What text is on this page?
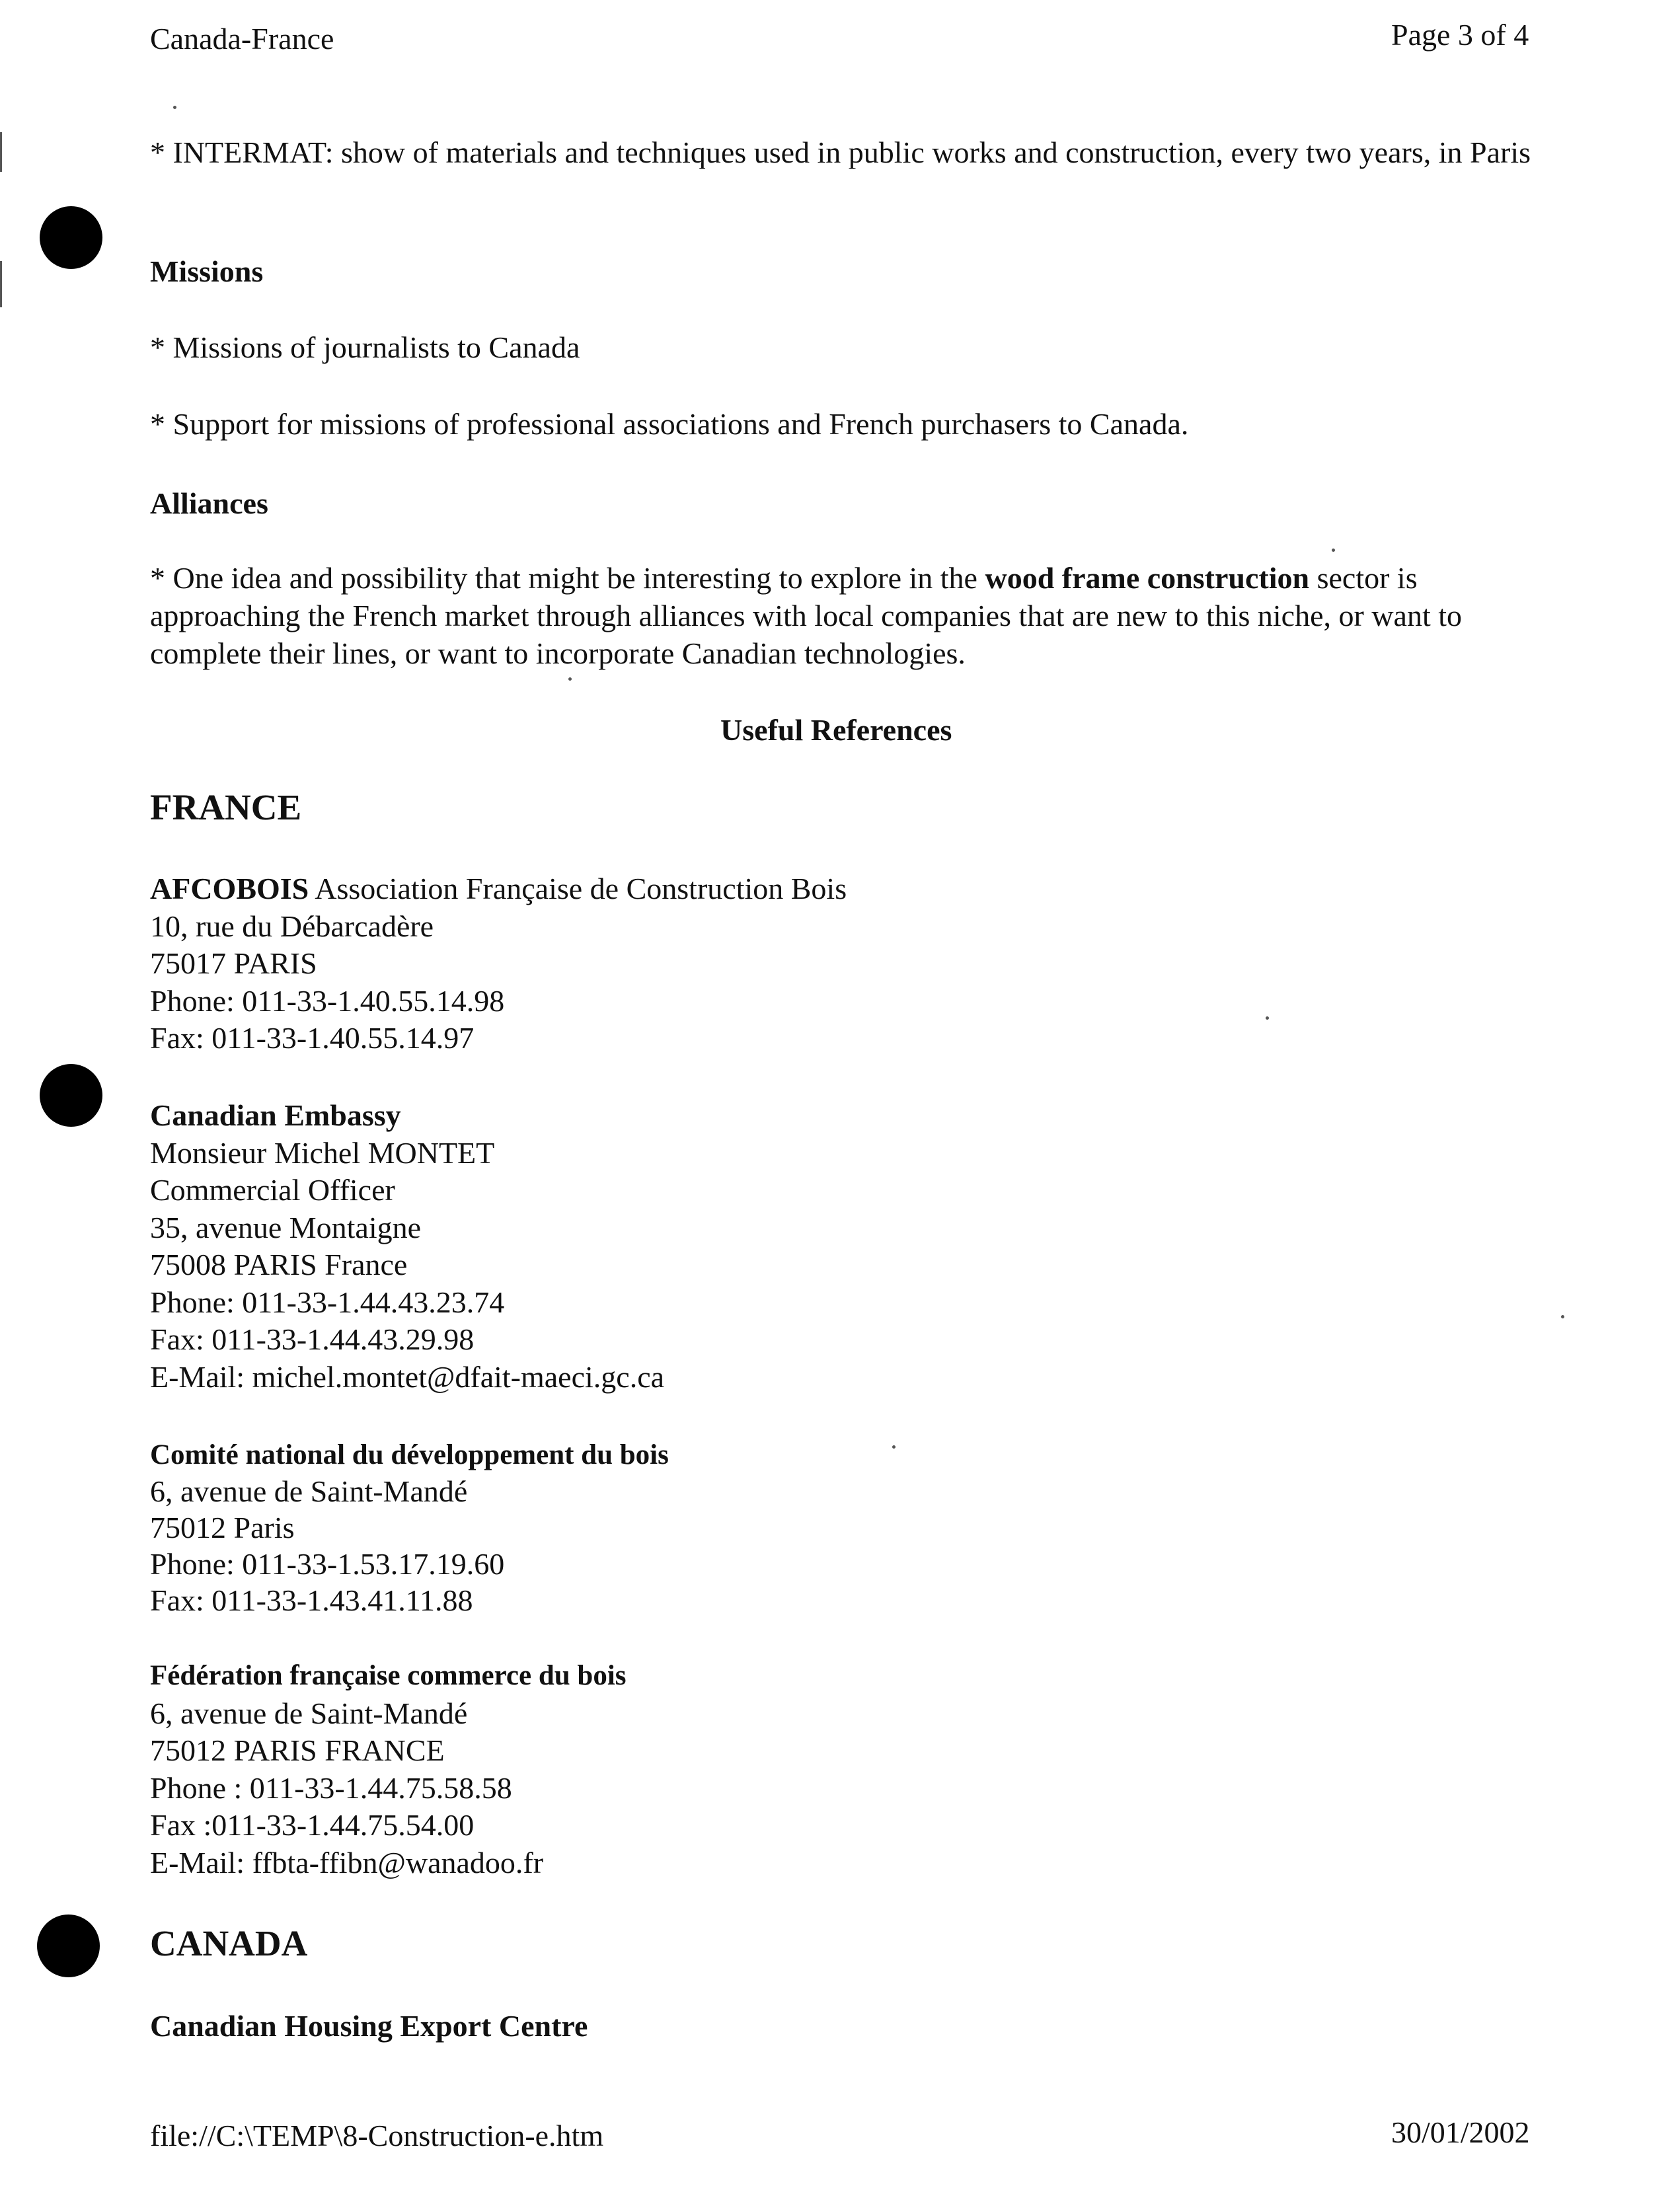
Canada-France	Page 3 of 4

* INTERMAT: show of materials and techniques used in public works and construction, every two years, in Paris

Missions
* Missions of journalists to Canada
* Support for missions of professional associations and French purchasers to Canada.
Alliances

* One idea and possibility that might be interesting to explore in the wood frame construction sector is approaching the French market through alliances with local companies that are new to this niche, or want to complete their lines, or want to incorporate Canadian technologies.

Useful References
FRANCE
AFCOBOIS Association Française de Construction Bois
10, rue du Débarcadère
75017 PARIS
Phone: 011-33-1.40.55.14.98
Fax: 011-33-1.40.55.14.97
Canadian Embassy
Monsieur Michel MONTET
Commercial Officer
35, avenue Montaigne
75008 PARIS France
Phone: 011-33-1.44.43.23.74
Fax: 011-33-1.44.43.29.98
E-Mail: michel.montet@dfait-maeci.gc.ca
Comité national du développement du bois
6, avenue de Saint-Mandé
75012 Paris
Phone: 011-33-1.53.17.19.60
Fax: 011-33-1.43.41.11.88
Fédération française commerce du bois
6, avenue de Saint-Mandé
75012 PARIS FRANCE
Phone : 011-33-1.44.75.58.58
Fax :011-33-1.44.75.54.00
E-Mail: ffbta-ffibn@wanadoo.fr
CANADA
Canadian Housing Export Centre
file://C:\TEMP\8-Construction-e.htm	30/01/2002
